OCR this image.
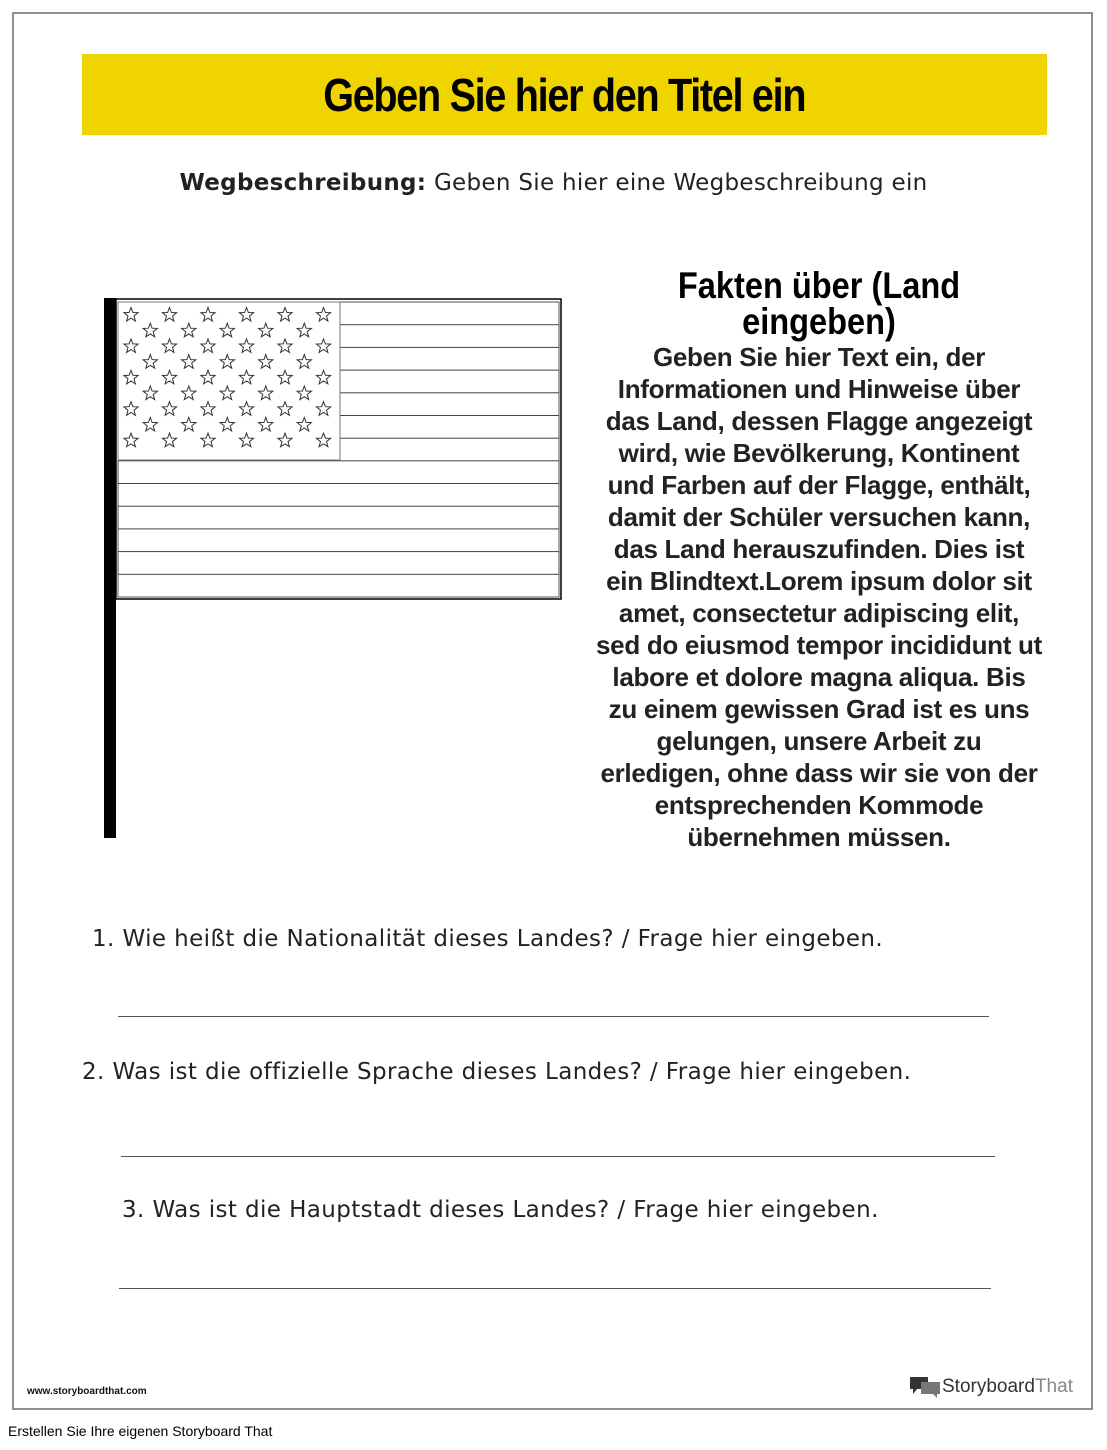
Geben Sie hier den Titel ein
Wegbeschreibung: Geben Sie hier eine Wegbeschreibung ein
Fakten über (Land eingeben)
Geben Sie hier Text ein, der Informationen und Hinweise über das Land, dessen Flagge angezeigt wird, wie Bevölkerung, Kontinent und Farben auf der Flagge, enthält, damit der Schüler versuchen kann, das Land herauszufinden. Dies ist ein Blindtext.Lorem ipsum dolor sit amet, consectetur adipiscing elit, sed do eiusmod tempor incididunt ut labore et dolore magna aliqua. Bis zu einem gewissen Grad ist es uns gelungen, unsere Arbeit zu erledigen, ohne dass wir sie von der entsprechenden Kommode übernehmen müssen.
1. Wie heißt die Nationalität dieses Landes? / Frage hier eingeben.
2. Was ist die offizielle Sprache dieses Landes? / Frage hier eingeben.
3. Was ist die Hauptstadt dieses Landes? / Frage hier eingeben.
www.storyboardthat.com	Storyboard That
Erstellen Sie Ihre eigenen Storyboard That
